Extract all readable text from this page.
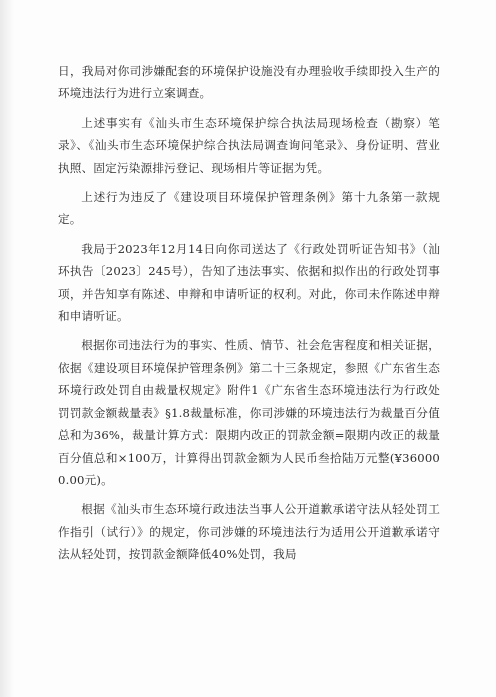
日，我局对你司涉嫌配套的环境保护设施没有办理验收手续即投入生产的环境违法行为进行立案调查。

上述事实有《汕头市生态环境保护综合执法局现场检查（勘察）笔录》、《汕头市生态环境保护综合执法局调查询问笔录》、身份证明、营业执照、固定污染源排污登记、现场相片等证据为凭。

上述行为违反了《建设项目环境保护管理条例》第十九条第一款规定。

我局于2023年12月14日向你司送达了《行政处罚听证告知书》（汕环执告〔2023〕245号），告知了违法事实、依据和拟作出的行政处罚事项，并告知享有陈述、申辩和申请听证的权利。对此，你司未作陈述申辩和申请听证。

根据你司违法行为的事实、性质、情节、社会危害程度和相关证据，依据《建设项目环境保护管理条例》第二十三条规定，参照《广东省生态环境行政处罚自由裁量权规定》附件1《广东省生态环境违法行为行政处罚罚款金额裁量表》§1.8裁量标准，你司涉嫌的环境违法行为裁量百分值总和为36%，裁量计算方式：限期内改正的罚款金额=限期内改正的裁量百分值总和×100万，计算得出罚款金额为人民币叁拾陆万元整(¥360000.00元)。

根据《汕头市生态环境行政违法当事人公开道歉承诺守法从轻处罚工作指引（试行）》的规定，你司涉嫌的环境违法行为适用公开道歉承诺守法从轻处罚，按罚款金额降低40%处罚，我局
